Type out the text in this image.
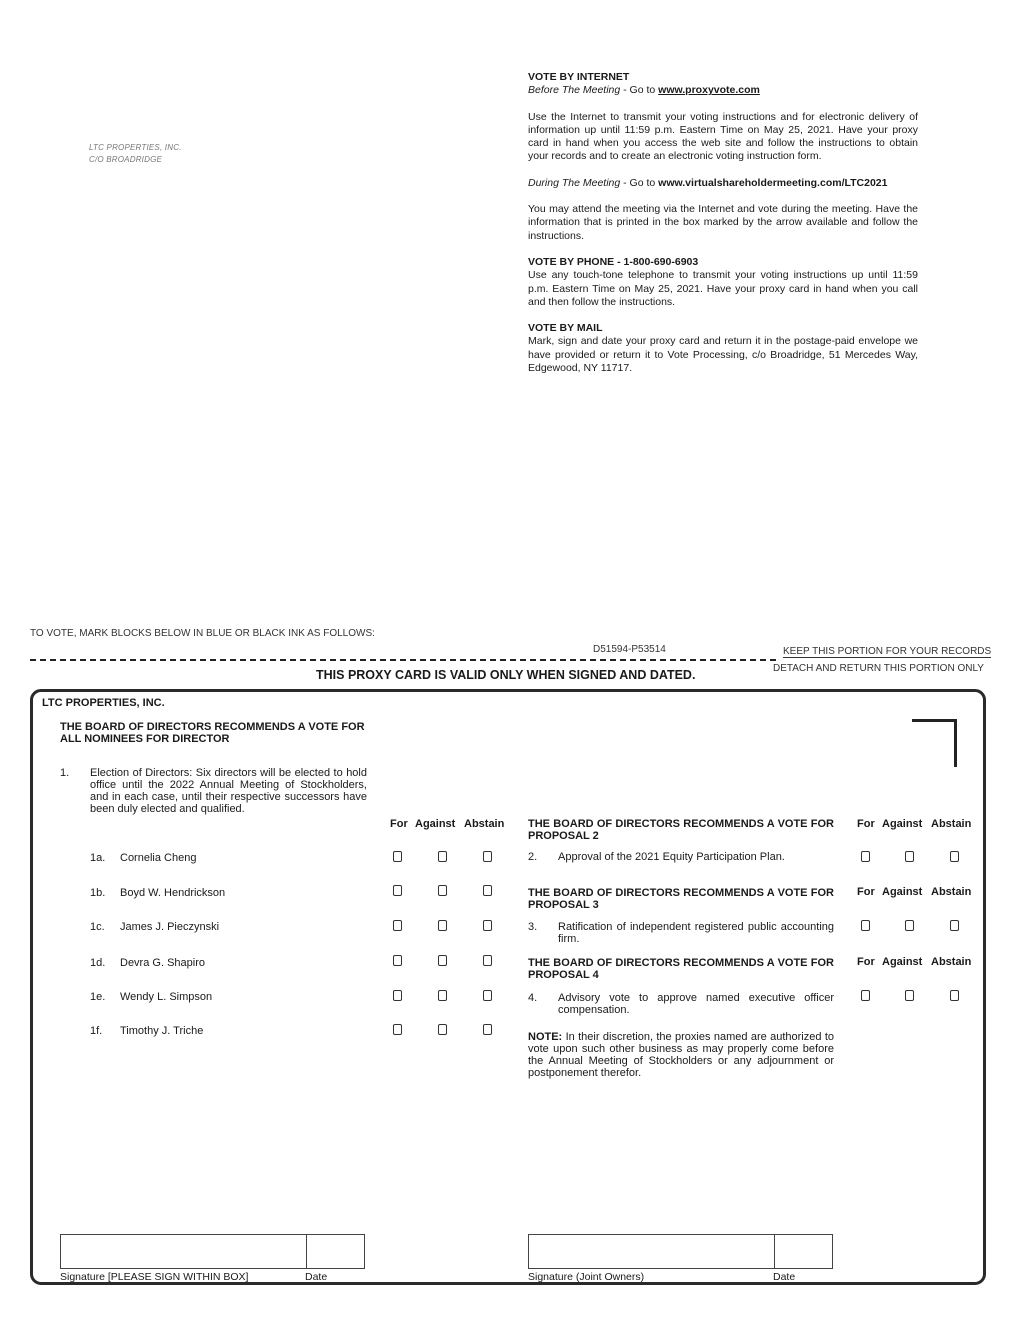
LTC PROPERTIES, INC.
C/O BROADRIDGE

VOTE BY INTERNET

Before The Meeting - Go to www.proxyvote.com

Use the Internet to transmit your voting instructions and for electronic delivery of information up until 11:59 p.m. Eastern Time on May 25, 2021. Have your proxy card in hand when you access the web site and follow the instructions to obtain your records and to create an electronic voting instruction form.

During The Meeting - Go to www.virtualshareholdermeeting.com/LTC2021

You may attend the meeting via the Internet and vote during the meeting. Have the information that is printed in the box marked by the arrow available and follow the instructions.

VOTE BY PHONE - 1-800-690-6903

Use any touch-tone telephone to transmit your voting instructions up until 11:59 p.m. Eastern Time on May 25, 2021. Have your proxy card in hand when you call and then follow the instructions.

VOTE BY MAIL

Mark, sign and date your proxy card and return it in the postage-paid envelope we have provided or return it to Vote Processing, c/o Broadridge, 51 Mercedes Way, Edgewood, NY 11717.

TO VOTE, MARK BLOCKS BELOW IN BLUE OR BLACK INK AS FOLLOWS:
D51594-P53514	KEEP THIS PORTION FOR YOUR RECORDS
THIS PROXY CARD IS VALID ONLY WHEN SIGNED AND DATED.	DETACH AND RETURN THIS PORTION ONLY
LTC PROPERTIES, INC.
THE BOARD OF DIRECTORS RECOMMENDS A VOTE FOR ALL NOMINEES FOR DIRECTOR
1. Election of Directors: Six directors will be elected to hold office until the 2022 Annual Meeting of Stockholders, and in each case, until their respective successors have been duly elected and qualified.
For Against Abstain
1a. Cornelia Cheng
1b. Boyd W. Hendrickson
1c. James J. Pieczynski
1d. Devra G. Shapiro
1e. Wendy L. Simpson
1f. Timothy J. Triche
THE BOARD OF DIRECTORS RECOMMENDS A VOTE FOR PROPOSAL 2
For Against Abstain
2. Approval of the 2021 Equity Participation Plan.
THE BOARD OF DIRECTORS RECOMMENDS A VOTE FOR PROPOSAL 3
For Against Abstain
3. Ratification of independent registered public accounting firm.
THE BOARD OF DIRECTORS RECOMMENDS A VOTE FOR PROPOSAL 4
For Against Abstain
4. Advisory vote to approve named executive officer compensation.
NOTE: In their discretion, the proxies named are authorized to vote upon such other business as may properly come before the Annual Meeting of Stockholders or any adjournment or postponement therefor.
Signature [PLEASE SIGN WITHIN BOX]	Date	Signature (Joint Owners)	Date
